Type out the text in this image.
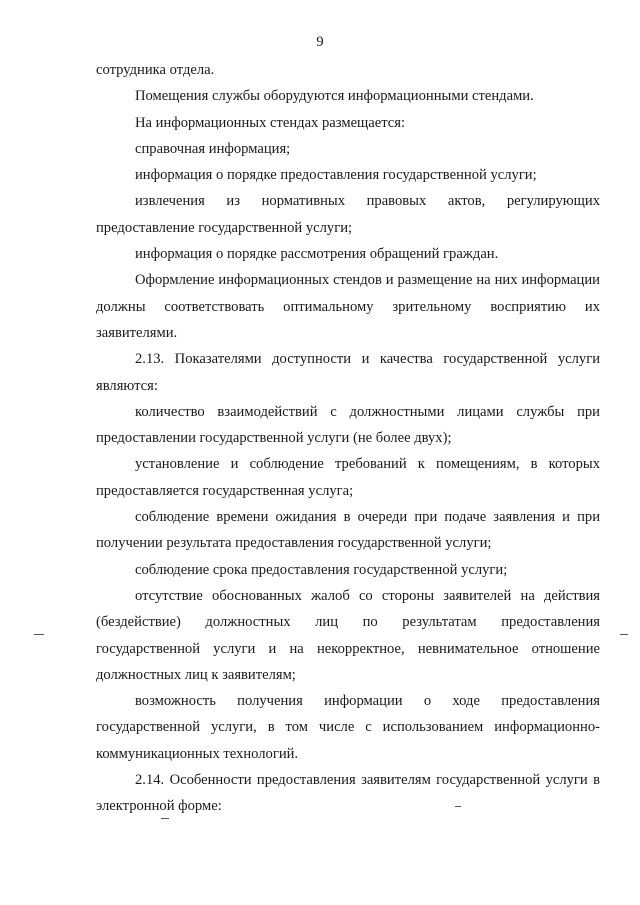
9

сотрудника отдела.

Помещения службы оборудуются информационными стендами.

На информационных стендах размещается:

справочная информация;

информация о порядке предоставления государственной услуги;

извлечения из нормативных правовых актов, регулирующих предоставление государственной услуги;

информация о порядке рассмотрения обращений граждан.

Оформление информационных стендов и размещение на них информации должны соответствовать оптимальному зрительному восприятию их заявителями.

2.13. Показателями доступности и качества государственной услуги являются:

количество взаимодействий с должностными лицами службы при предоставлении государственной услуги (не более двух);

установление и соблюдение требований к помещениям, в которых предоставляется государственная услуга;

соблюдение времени ожидания в очереди при подаче заявления и при получении результата предоставления государственной услуги;

соблюдение срока предоставления государственной услуги;

отсутствие обоснованных жалоб со стороны заявителей на действия (бездействие) должностных лиц по результатам предоставления государственной услуги и на некорректное, невнимательное отношение должностных лиц к заявителям;

возможность получения информации о ходе предоставления государственной услуги, в том числе с использованием информационно-коммуникационных технологий.

2.14. Особенности предоставления заявителям государственной услуги в электронной форме:
